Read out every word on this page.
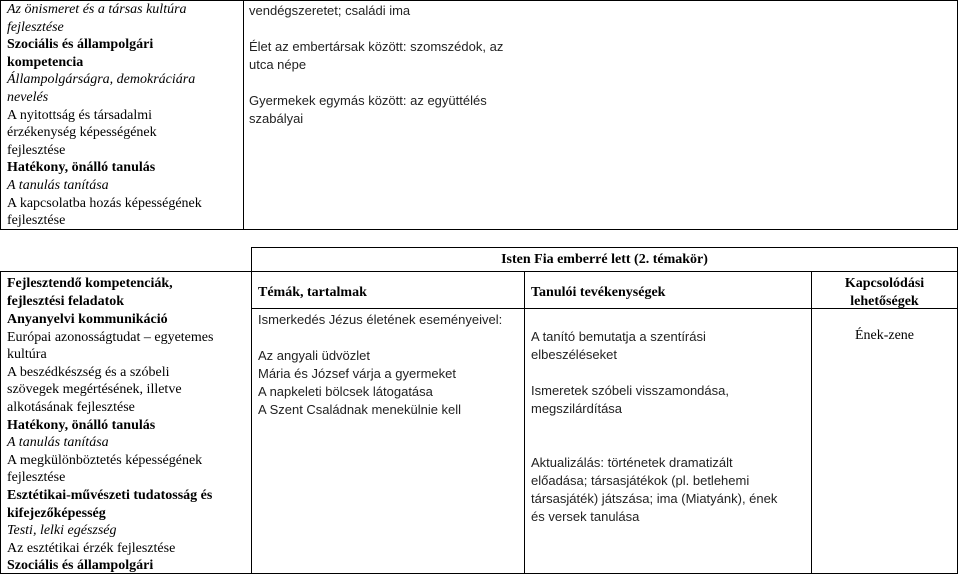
Az önismeret és a társas kultúra
fejlesztése
Szociális és állampolgári
kompetencia
Állampolgárságra, demokráciára
nevelés
A nyitottság és társadalmi
érzékenység képességének
fejlesztése
Hatékony, önálló tanulás
A tanulás tanítása
A kapcsolatba hozás képességének
fejlesztése
vendégszeretet; családi ima

Élet az embertársak között: szomszédok, az
utca népe

Gyermekek egymás között: az együttélés
szabályai
Isten Fia emberré lett (2. témakör)
Fejlesztendő kompetenciák,
fejlesztési feladatok
Témák, tartalmak	Tanulói tevékenységek
Kapcsolódási
lehetőségek
Anyanyelvi kommunikáció
Európai azonosságtudat – egyetemes
kultúra
A beszédkészség és a szóbeli
szövegek megértésének, illetve
alkotásának fejlesztése
Hatékony, önálló tanulás
A tanulás tanítása
A megkülönböztetés képességének
fejlesztése
Esztétikai-művészeti tudatosság és
kifejezőképesség
Testi, lelki egészség
Az esztétikai érzék fejlesztése
Szociális és állampolgári
Ismerkedés Jézus életének eseményeivel:

Az angyali üdvözlet
Mária és József várja a gyermeket
A napkeleti bölcsek látogatása
A Szent Családnak menekülnie kell
A tanító bemutatja a szentírási
elbeszéléseket

Ismeretek szóbeli visszamondása,
megszilárdítása

Aktualizálás: történetek dramatizált
előadása; társasjátékok (pl. betlehemi
társasjáték) játszása; ima (Miatyánk), ének
és versek tanulása
Ének-zene
